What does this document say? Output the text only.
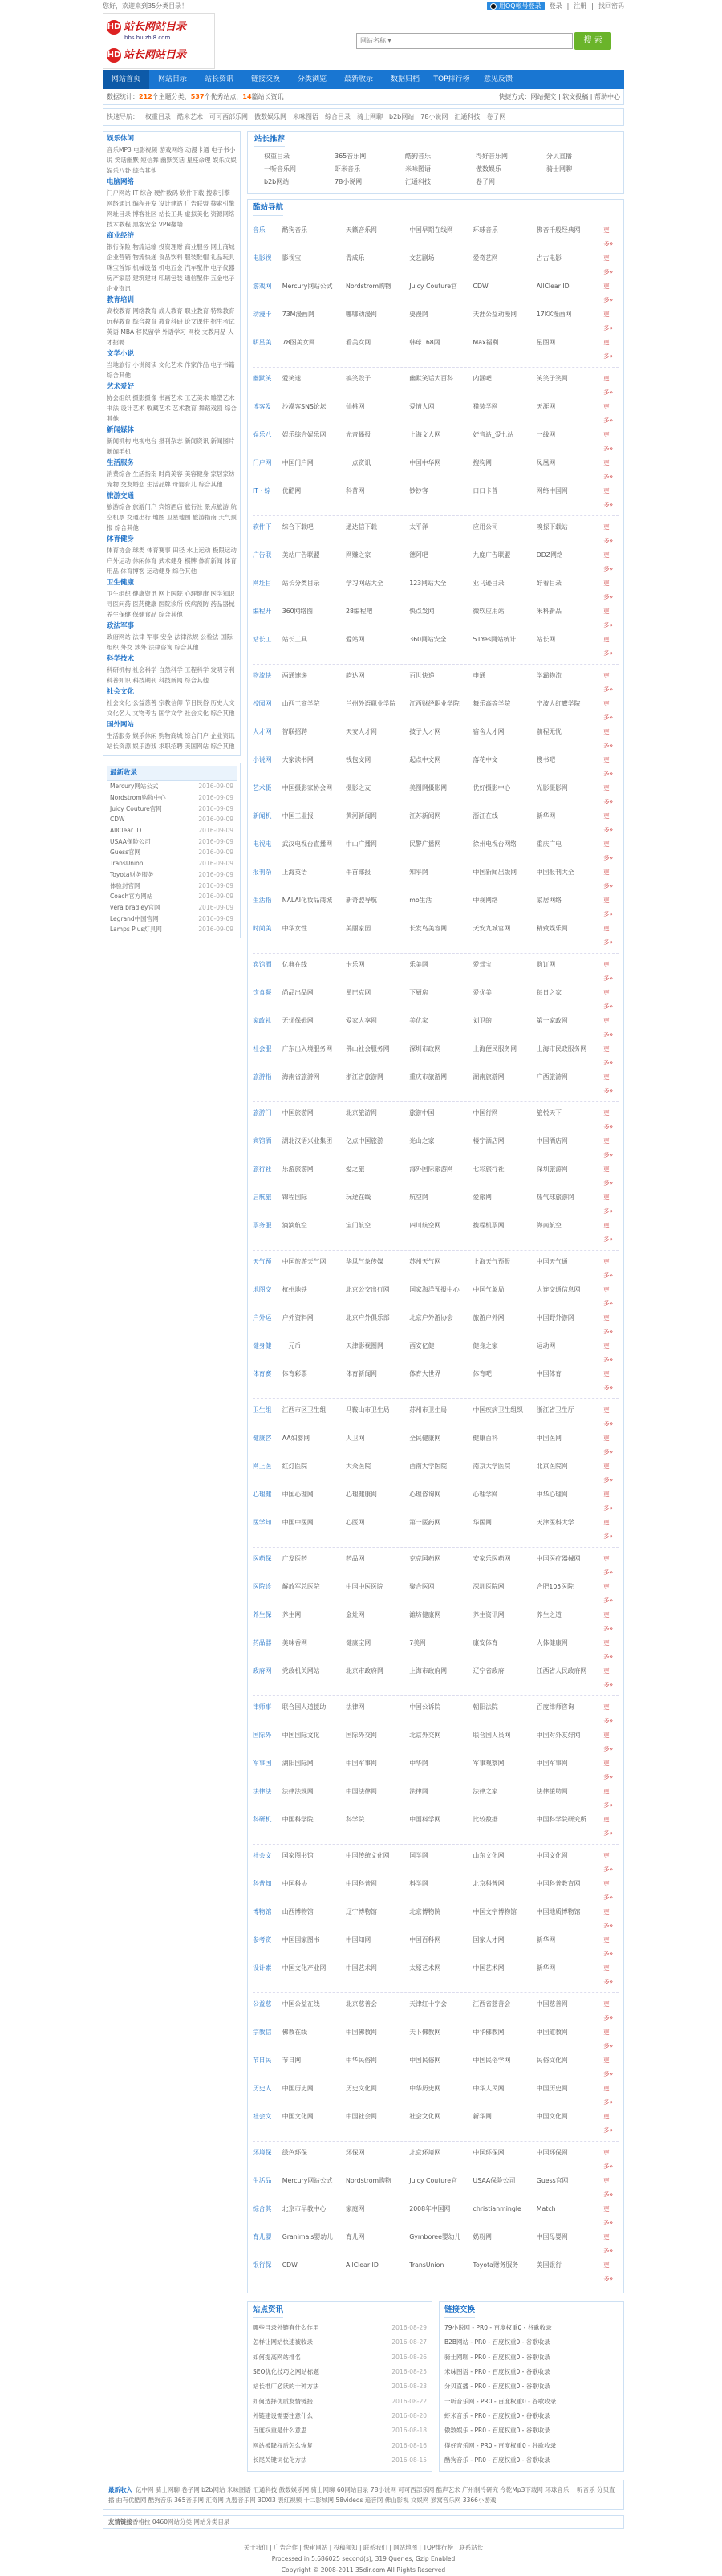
您好，欢迎来到35分类目录！	用QQ帐号登录 登录 | 注册 | 找回密码
HD 站长网站目录
bbs.huizhi8.com
HD 站长网站目录
网站名称 ▾	搜 索
网站首页	网站目录	站长资讯	链接交换	分类浏览	最新收录	数据归档	TOP排行榜	意见反馈
数据统计：212个主题分类，537个优秀站点，14篇站长资讯	快捷方式：网站提交 | 软文投稿 | 帮助中心
快速导航： 权重目录 酷米艺术 可可西部乐网 傲数娱乐网 米味图语 综合目录 骑士网聊 b2b网站 78小说网 汇通科技 卷子网
娱乐休闲
音乐MP3 电影视频 游戏网络 动漫卡通 电子书小说 笑话幽默 短信舞 幽默笑话 星座命理 娱乐文娱 娱乐八卦 综合其他
电脑网络
门户网站 IT 综合 硬件数码 软件下载 搜索引擎 网络通讯 编程开发 设计建站 广告联盟 搜索引擎 网址目录 博客社区 站长工具 虚拟美化 资源网络 技术教程 黑客安全 VPN翻墙
商业经济
银行保险 物流运输 投资理财 商业服务 网上商城 企业营销 物流快递 食品饮料 服装鞋帽 礼品玩具 珠宝首饰 机械设备 机电五金 汽车配件 电子仪器 房产家居 建筑建材 印刷包装 通信配件 五金电子 企业资讯
教育培训
高校教育 网络教育 成人教育 职业教育 特殊教育 远程教育 综合教育 教育科研 论文课件 招生考试 英语 MBA 移民留学 外语学习 网校 文教用品 人才招聘
文学小说
当地旅行 小说阅读 文化艺术 作家作品 电子书籍 综合其他
艺术爱好
协会组织 摄影摄像 书画艺术 工艺美术 雕塑艺术 书法 设计艺术 收藏艺术 艺术教育 舞蹈戏剧 综合其他
新闻媒体
新闻机构 电视电台 报刊杂志 新闻资讯 新闻图片 新闻手机
生活服务
消费综合 生活指南 时尚美容 美容健身 家居家纺 宠物 交友婚恋 生活品牌 母婴育儿 综合其他
旅游交通
旅游综合 旅游门户 宾馆酒店 旅行社 景点旅游 航空机票 交通出行 地图 卫星地图 旅游指南 天气预报 综合其他
体育健身
体育协会 球类 体育赛事 田径 水上运动 极限运动 户外运动 休闲体育 武术健身 棋牌 体育新闻 体育用品 体育博客 运动健身 综合其他
卫生健康
卫生组织 健康资讯 网上医院 心理健康 医学知识 寻医问药 医药健康 医院诊所 疾病预防 药品器械 养生保健 保健食品 综合其他
政法军事
政府网站 法律 军事 安全 法律法规 公检法 国际组织 外交 涉外 法律咨询 综合其他
科学技术
科研机构 社会科学 自然科学 工程科学 发明专利 科普知识 科技期刊 科技新闻 综合其他
社会文化
社会文化 公益慈善 宗教信仰 节日民俗 历史人文 文化名人 文物考古 国学文学 社会文化 综合其他
国外网站
生活服务 娱乐休闲 购物商城 综合门户 企业资讯 站长资源 娱乐游戏 求职招聘 美国网站 综合其他
最新收录
Mercury网站公式	2016-09-09
Nordstrom购物中心	2016-09-09
Juicy Couture官网	2016-09-09
CDW	2016-09-09
AllClear ID	2016-09-09
USAA保险公司	2016-09-09
Guess官网	2016-09-09
TransUnion	2016-09-09
Toyota财务服务	2016-09-09
体验封官网	2016-09-09
Coach官方网站	2016-09-09
vera bradley官网	2016-09-09
Legrand中国官网	2016-09-09
Lamps Plus灯具网	2016-09-09
站长推荐
权重目录	365音乐网	酷狗音乐	得好音乐网	分贝直播
一听音乐网	虾米音乐	米味图语	傲数娱乐	骑士网聊
b2b网站	78小说网	汇通科技	卷子网
酷站导航
音乐	酷狗音乐	天籁音乐网	中国早期在线网	环球音乐	佛音千般经典网	更多»
电影视	影视宝	青成乐	文艺剧场	爱奇艺网	古古电影	更多»
游戏网	Mercury网站公式	Nordstrom购物	Juicy Couture官	CDW	AllClear ID	更多»
动漫卡	73M漫画网	哪哪动漫网	要漫网	天涯公益动漫网	17KK漫画网	更多»
明星美	78图美女网	看美女网	韩球168网	Max福利	星图网	更多»
幽默笑	爱笑迷	搞笑段子	幽默笑话大百科	内涵吧	笑笑子笑网	更多»
博客发	沙漠客SNS论坛	仙桃网	爱情人网	猎装学网	天涯网	更多»
娱乐八	娱乐综合娱乐网	光音播报	上海文人网	好音站_爱七站	一线网	更多»
门户网	中国门户网	一点资讯	中国中华网	搜狗网	凤凰网	更多»
IT · 综	优酷网	科普网	钞钞客	口口卡普	网络中国网	更多»
软件下	综合下载吧	通达信下载	太平洋	应用公司	嗅探下载站	更多»
广告联	美站广告联盟	网赚之家	德阿吧	九度广告联盟	DDZ网络	更多»
网址目	站长分类目录	学习网站大全	123网站大全	亚马逊目录	好看目录	更多»
编程开	360网络图	28编程吧	快点发网	微软应用站	米科新品	更多»
站长工	站长工具	爱站网	360网站安全	51Yes网站统计	站长网	更多»
物流快	两通速递	韵达网	百世快递	申通	学霸物流	更多»
校园网	山西工商学院	兰州外语职业学院	江西财经职业学院	舞乐高等学院	宁波大红鹰学院	更多»
人才网	智联招聘	天安人才网	技子人才网	宿舍人才网	前程无忧	更多»
小说网	大家读书网	钱包文网	起点中文网	落花中文	搜书吧	更多»
艺术摄	中国摄影家协会网	摄影之友	美图网摄影网	优好摄影中心	光影摄影网	更多»
新闻机	中国工业报	黄河新闻网	江苏新闻网	浙江在线	新华网	更多»
电视电	武汉电视台直播网	中山广播网	民警广播网	徐州电视台网络	重庆广电	更多»
报刊杂	上海英语	牛首部报	知乎网	中国新闻出版网	中国报刊大全	更多»
生活指	NALAI化妆品商城	新奇盟导航	mo生活	中视网络	家居网络	更多»
时尚美	中华女性	美丽家园	长发鸟美容网	天安九城官网	精致娱乐网	更多»
宾馆酒	亿典在线	卡乐网	乐美网	爱驾宝	购订网	更多»
饮食餐	尚品出品网	星巴克网	下厨房	爱优美	每日之家	更多»
家政礼	无忧保姆网	爱家大享网	美优家	刘卫的	第一家政网	更多»
社会服	广东出入境服务网	佛山社会服务网	深圳市政网	上海便民服务网	上海市民政服务网	更多»
旅游指	海南省旅游网	浙江省旅游网	重庆市旅游网	湖南旅游网	广西旅游网	更多»
旅游门	中国旅游网	北京旅游网	旅游中国	中国行网	旅悦天下	更多»
宾馆酒	湖北汉语兴业集团	亿点中国旅游	光山之家	楼宇酒店网	中国酒店网	更多»
旅行社	乐游旅游网	爱之旅	海外国际旅游网	七彩旅行社	深圳旅游网	更多»
启航旅	锦程国际	玩途在线	航空网	爱旅网	热气球旅游网	更多»
票务服	滴滴航空	宝门航空	四川航空网	携程机票网	海南航空	更多»
天气预	中国旅游天气网	华风气象传媒	苏州天气网	上海天气预报	中国天气通	更多»
地图交	杭州地铁	北京公交出行网	国家海洋预报中心	中国气象局	大连交通信息网	更多»
户外运	户外资料网	北京户外俱乐部	北京户外游协会	旅游户外网	中国野外游网	更多»
健身健	一元币	天津影视圈网	西安亿健	健身之家	运动网	更多»
体育赛	体育彩票	体育新闻网	体育大世界	体育吧	中国体育	更多»
卫生组	江西市区卫生组	马鞍山市卫生局	苏州市卫生局	中国疾病卫生组织	浙江省卫生厅	更多»
健康咨	AA妇婴网	人卫网	全民健康网	健康百科	中国医网	更多»
网上医	红灯医院	大众医院	西南大学医院	南京大学医院	北京医院网	更多»
心理健	中国心理网	心理健康网	心理咨询网	心理学网	中华心理网	更多»
医学知	中国中医网	心医网	第一医药网	华医网	天津医科大学	更多»
医药保	广发医药	药品网	克克国药网	安家乐医药网	中国医疗器械网	更多»
医院诊	解放军总医院	中国中医医院	聚合医网	深圳医院网	合肥105医院	更多»
养生保	养生网	金灶网	潍坊健康网	养生资讯网	养生之道	更多»
药品器	美味香网	健康宝网	7美网	康安体育	人体健康网	更多»
政府网	党政机关网站	北京市政府网	上海市政府网	辽宁省政府	江西省人民政府网	更多»
律师事	联合国人道援助	法律网	中国公诉院	朝阳法院	百度律师咨询	更多»
国际外	中国国际文化	国际外交网	北京外交网	联合国人员网	中国对外友好网	更多»
军事国	湖阳国际网	中国军事网	中华网	军事观察网	中国军事网	更多»
法律法	法律法规网	中国法律网	法律网	法律之家	法律援助网	更多»
科研机	中国科学院	科学院	中国科学网	比较数据	中国科学院研究所	更多»
社会文	国家图书馆	中国传统文化网	国学网	山东文化网	中国文化网	更多»
科普知	中国科协	中国科普网	科学网	北京科普网	中国科普教育网	更多»
博物馆	山西博物馆	辽宁博物馆	北京博物院	中国文字博物馆	中国地质博物馆	更多»
参考资	中国国家图书	中国知网	中国百科网	国家人才网	新华网	更多»
设计素	中国文化产业网	中国艺术网	太原艺术网	中国艺术网	新华网	更多»
公益慈	中国公益在线	北京慈善会	天津红十字会	江西省慈善会	中国慈善网	更多»
宗教信	佛教在线	中国佛教网	天下佛教网	中华佛教网	中国道教网	更多»
节日民	节日网	中华民俗网	中国民俗网	中国民俗学网	民俗文化网	更多»
历史人	中国历史网	历史文化网	中华历史网	中华人民网	中国历史网	更多»
社会文	中国文化网	中国社会网	社会文化网	新华网	中国文化网	更多»
环境保	绿色环保	环保网	北京环境网	中国环保网	中国环保网	更多»
生活品	Mercury网站公式	Nordstrom购物	Juicy Couture官	USAA保险公司	Guess官网	更多»
综合其	北京市早教中心	家庭网	2008年中国网	christianmingle	Match	更多»
育儿婴	Granimals婴幼儿	育儿网	Gymboree婴幼儿	奶粉网	中国母婴网	更多»
银行保	CDW	AllClear ID	TransUnion	Toyota财务服务	美国银行	更多»
站点资讯
哪些目录外链有什么作用	2016-08-29
怎样让网站快速被收录	2016-08-27
如何提高网站排名	2016-08-26
SEO优化技巧之网站标题	2016-08-25
站长推广必读的十种方法	2016-08-23
如何选择优质友情链接	2016-08-22
外链建设需要注意什么	2016-08-20
百度权重是什么意思	2016-08-18
网站被降权后怎么恢复	2016-08-16
长尾关键词优化方法	2016-08-15
链接交换
79小说网 - PR0 - 百度权重0 - 谷歌收录
B2B网站 - PR0 - 百度权重0 - 谷歌收录
骑士网聊 - PR0 - 百度权重0 - 谷歌收录
米味图语 - PR0 - 百度权重0 - 谷歌收录
分贝直播 - PR0 - 百度权重0 - 谷歌收录
一听音乐网 - PR0 - 百度权重0 - 谷歌收录
虾米音乐 - PR0 - 百度权重0 - 谷歌收录
傲数娱乐 - PR0 - 百度权重0 - 谷歌收录
得好音乐网 - PR0 - 百度权重0 - 谷歌收录
酷狗音乐 - PR0 - 百度权重0 - 谷歌收录
最新收入 亿中网 骑士网聊 卷子网 b2b网站 米味图语 汇通科技 傲数娱乐网 骑士网聊 60网站目录 78小说网 可可西部乐网 酷声艺术 广州制冷研究 今乾Mp3下载网 环球音乐 一听音乐 分贝直播 曲有优酷网 酷狗音乐 365音乐网 汇奇网 九盟音乐网 3DXI3 表红视频 十二影城网 58videos 追音网 佛山影视 文娱网 猴窝音乐网 3366小游戏
友情链接香格拉 0460网站分类 网站分类目录
关于我们 | 广告合作 | 快审网站 | 投稿须知 | 联系我们 | 网站地图 | TOP排行榜 | 联系站长
Processed in 5.686025 second(s), 319 Queries, Gzip Enabled
Copyright © 2008-2011 35dir.com All Rights Reserved
